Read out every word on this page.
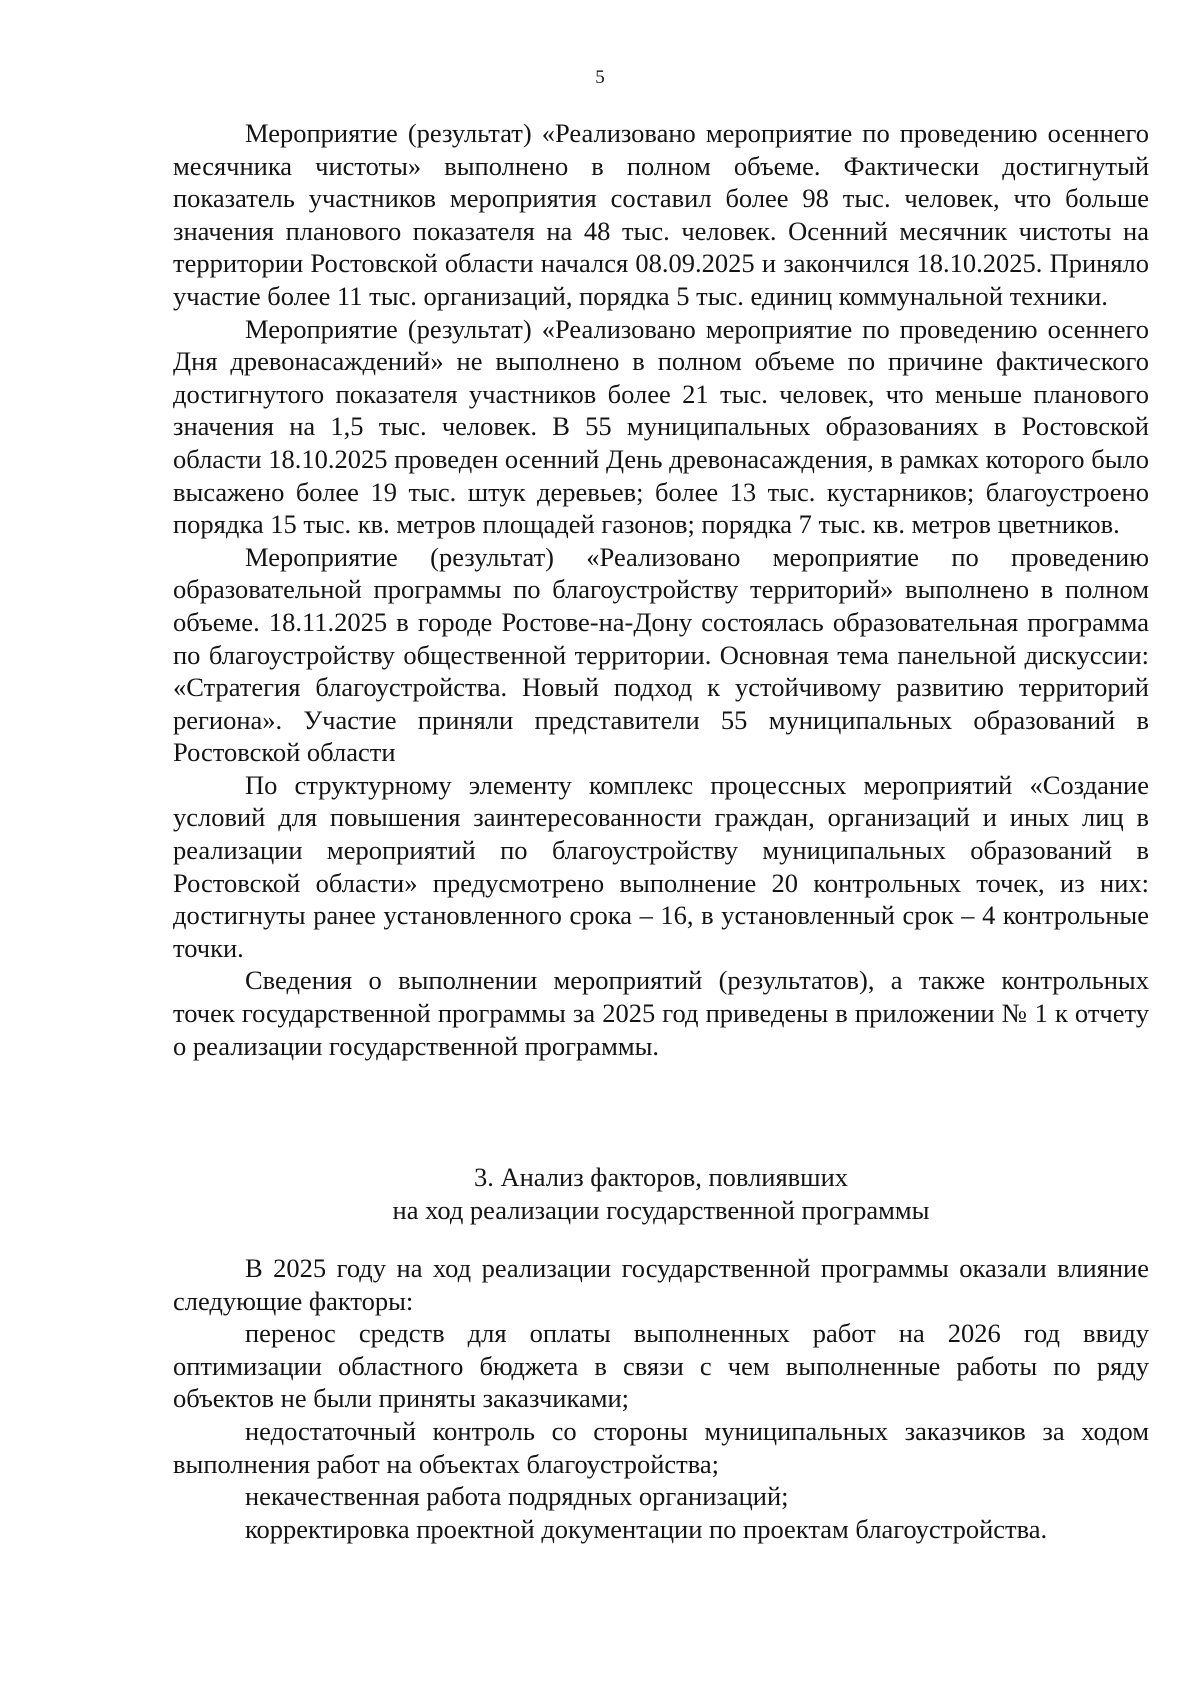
5

Мероприятие (результат) «Реализовано мероприятие по проведению осеннего месячника чистоты» выполнено в полном объеме. Фактически достигнутый показатель участников мероприятия составил более 98 тыс. человек, что больше значения планового показателя на 48 тыс. человек. Осенний месячник чистоты на территории Ростовской области начался 08.09.2025 и закончился 18.10.2025. Приняло участие более 11 тыс. организаций, порядка 5 тыс. единиц коммунальной техники.

Мероприятие (результат) «Реализовано мероприятие по проведению осеннего Дня древонасаждений» не выполнено в полном объеме по причине фактического достигнутого показателя участников более 21 тыс. человек, что меньше планового значения на 1,5 тыс. человек. В 55 муниципальных образованиях в Ростовской области 18.10.2025 проведен осенний День древонасаждения, в рамках которого было высажено более 19 тыс. штук деревьев; более 13 тыс. кустарников; благоустроено порядка 15 тыс. кв. метров площадей газонов; порядка 7 тыс. кв. метров цветников.

Мероприятие (результат) «Реализовано мероприятие по проведению образовательной программы по благоустройству территорий» выполнено в полном объеме. 18.11.2025 в городе Ростове-на-Дону состоялась образовательная программа по благоустройству общественной территории. Основная тема панельной дискуссии: «Стратегия благоустройства. Новый подход к устойчивому развитию территорий региона». Участие приняли представители 55 муниципальных образований в Ростовской области

По структурному элементу комплекс процессных мероприятий «Создание условий для повышения заинтересованности граждан, организаций и иных лиц в реализации мероприятий по благоустройству муниципальных образований в Ростовской области» предусмотрено выполнение 20 контрольных точек, из них: достигнуты ранее установленного срока – 16, в установленный срок – 4 контрольные точки.

Сведения о выполнении мероприятий (результатов), а также контрольных точек государственной программы за 2025 год приведены в приложении № 1 к отчету о реализации государственной программы.

3. Анализ факторов, повлиявших
на ход реализации государственной программы

В 2025 году на ход реализации государственной программы оказали влияние следующие факторы:

перенос средств для оплаты выполненных работ на 2026 год ввиду оптимизации областного бюджета в связи с чем выполненные работы по ряду объектов не были приняты заказчиками;

недостаточный контроль со стороны муниципальных заказчиков за ходом выполнения работ на объектах благоустройства;

некачественная работа подрядных организаций;

корректировка проектной документации по проектам благоустройства.
